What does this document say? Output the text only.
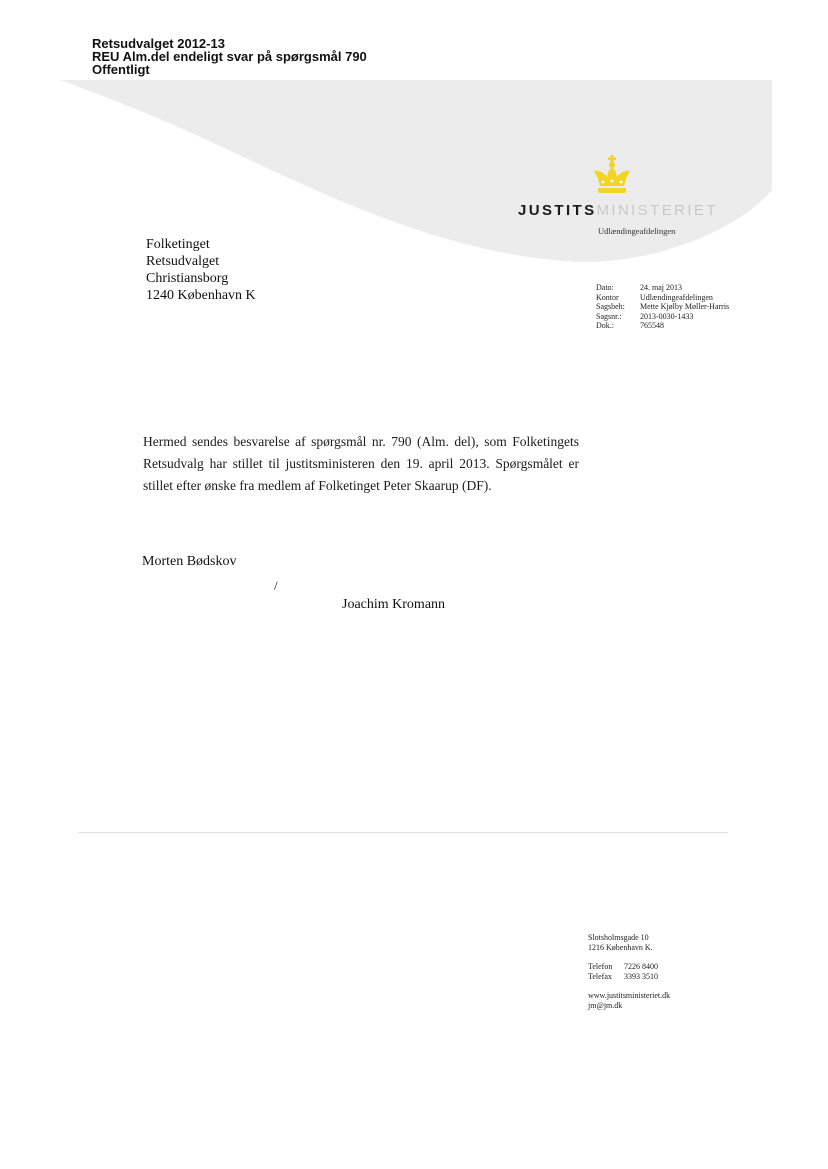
Retsudvalget 2012-13
REU Alm.del endeligt svar på spørgsmål 790
Offentligt
JUSTITSMINISTERIET
Udlændingeafdelingen
Folketinget
Retsudvalget
Christiansborg
1240 København K
Dato:	24. maj 2013
Kontor	Udlændingeafdelingen
Sagsbeh:	Mette Kjølby Møller-Harris
Sagsnr.:	2013-0030-1433
Dok.:	765548
Hermed sendes besvarelse af spørgsmål nr. 790 (Alm. del), som Folketingets Retsudvalg har stillet til justitsministeren den 19. april 2013. Spørgsmålet er stillet efter ønske fra medlem af Folketinget Peter Skaarup (DF).
Morten Bødskov
/
Joachim Kromann
Slotsholmsgade 10
1216 København K.
Telefon	7226 8400
Telefax	3393 3510
www.justitsministeriet.dk
jm@jm.dk
